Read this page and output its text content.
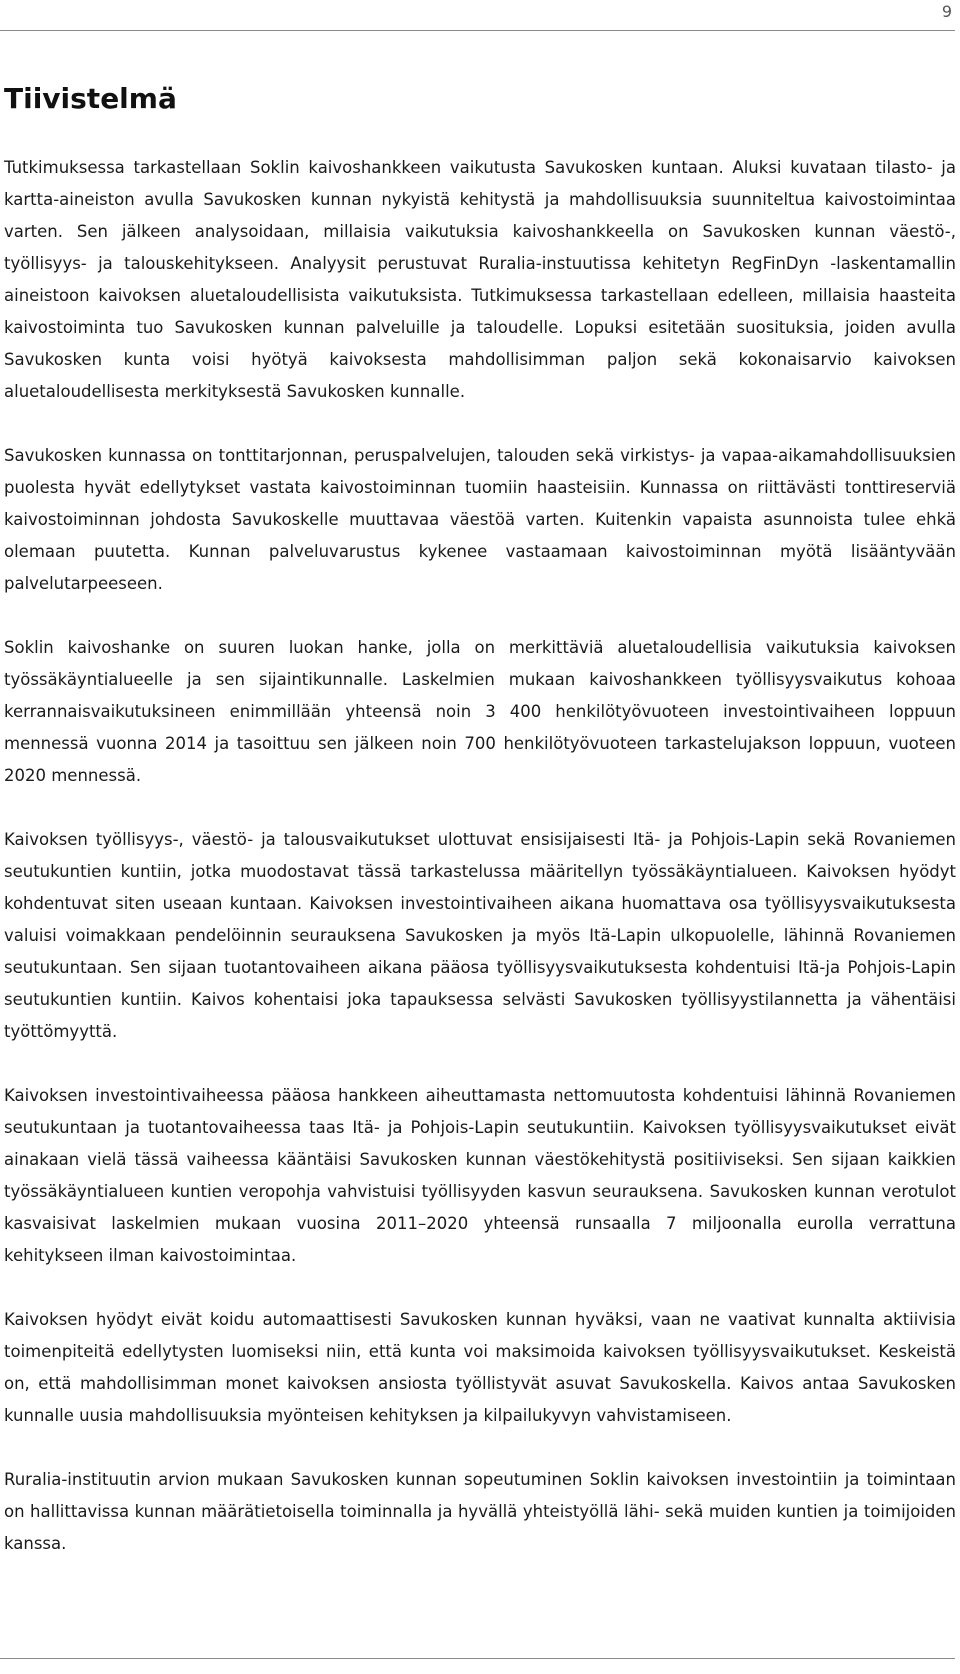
9
Tiivistelmä

Tutkimuksessa tarkastellaan Soklin kaivoshankkeen vaikutusta Savukosken kuntaan. Aluksi kuvataan tilasto- ja kartta-aineiston avulla Savukosken kunnan nykyistä kehitystä ja mahdollisuuksia suunniteltua kaivostoimintaa varten. Sen jälkeen analysoidaan, millaisia vaikutuksia kaivoshankkeella on Savukosken kunnan väestö-, työllisyys- ja talouskehitykseen. Analyysit perustuvat Ruralia-instuutissa kehitetyn RegFinDyn -laskentamallin aineistoon kaivoksen aluetaloudellisista vaikutuksista. Tutkimuksessa tarkastellaan edelleen, millaisia haasteita kaivostoiminta tuo Savukosken kunnan palveluille ja taloudelle. Lopuksi esitetään suosituksia, joiden avulla Savukosken kunta voisi hyötyä kaivoksesta mahdollisimman paljon sekä kokonaisarvio kaivoksen aluetaloudellisesta merkityksestä Savukosken kunnalle.

Savukosken kunnassa on tonttitarjonnan, peruspalvelujen, talouden sekä virkistys- ja vapaa-aikamahdollisuuksien puolesta hyvät edellytykset vastata kaivostoiminnan tuomiin haasteisiin. Kunnassa on riittävästi tonttireserviä kaivostoiminnan johdosta Savukoskelle muuttavaa väestöä varten. Kuitenkin vapaista asunnoista tulee ehkä olemaan puutetta. Kunnan palveluvarustus kykenee vastaamaan kaivostoiminnan myötä lisääntyvään palvelutarpeeseen.

Soklin kaivoshanke on suuren luokan hanke, jolla on merkittäviä aluetaloudellisia vaikutuksia kaivoksen työssäkäyntialueelle ja sen sijaintikunnalle. Laskelmien mukaan kaivoshankkeen työllisyysvaikutus kohoaa kerrannaisvaikutuksineen enimmillään yhteensä noin 3 400 henkilötyövuoteen investointivaiheen loppuun mennessä vuonna 2014 ja tasoittuu sen jälkeen noin 700 henkilötyövuoteen tarkastelujakson loppuun, vuoteen 2020 mennessä.

Kaivoksen työllisyys-, väestö- ja talousvaikutukset ulottuvat ensisijaisesti Itä- ja Pohjois-Lapin sekä Rovaniemen seutukuntien kuntiin, jotka muodostavat tässä tarkastelussa määritellyn työssäkäyntialueen. Kaivoksen hyödyt kohdentuvat siten useaan kuntaan. Kaivoksen investointivaiheen aikana huomattava osa työllisyysvaikutuksesta valuisi voimakkaan pendelöinnin seurauksena Savukosken ja myös Itä-Lapin ulkopuolelle, lähinnä Rovaniemen seutukuntaan. Sen sijaan tuotantovaiheen aikana pääosa työllisyysvaikutuksesta kohdentuisi Itä-ja Pohjois-Lapin seutukuntien kuntiin. Kaivos kohentaisi joka tapauksessa selvästi Savukosken työllisyystilannetta ja vähentäisi työttömyyttä.

Kaivoksen investointivaiheessa pääosa hankkeen aiheuttamasta nettomuutosta kohdentuisi lähinnä Rovaniemen seutukuntaan ja tuotantovaiheessa taas Itä- ja Pohjois-Lapin seutukuntiin. Kaivoksen työllisyysvaikutukset eivät ainakaan vielä tässä vaiheessa kääntäisi Savukosken kunnan väestökehitystä positiiviseksi. Sen sijaan kaikkien työssäkäyntialueen kuntien veropohja vahvistuisi työllisyyden kasvun seurauksena. Savukosken kunnan verotulot kasvaisivat laskelmien mukaan vuosina 2011–2020 yhteensä runsaalla 7 miljoonalla eurolla verrattuna kehitykseen ilman kaivostoimintaa.

Kaivoksen hyödyt eivät koidu automaattisesti Savukosken kunnan hyväksi, vaan ne vaativat kunnalta aktiivisia toimenpiteitä edellytysten luomiseksi niin, että kunta voi maksimoida kaivoksen työllisyysvaikutukset. Keskeistä on, että mahdollisimman monet kaivoksen ansiosta työllistyvät asuvat Savukoskella. Kaivos antaa Savukosken kunnalle uusia mahdollisuuksia myönteisen kehityksen ja kilpailukyvyn vahvistamiseen.

Ruralia-instituutin arvion mukaan Savukosken kunnan sopeutuminen Soklin kaivoksen investointiin ja toimintaan on hallittavissa kunnan määrätietoisella toiminnalla ja hyvällä yhteistyöllä lähi- sekä muiden kuntien ja toimijoiden kanssa.
